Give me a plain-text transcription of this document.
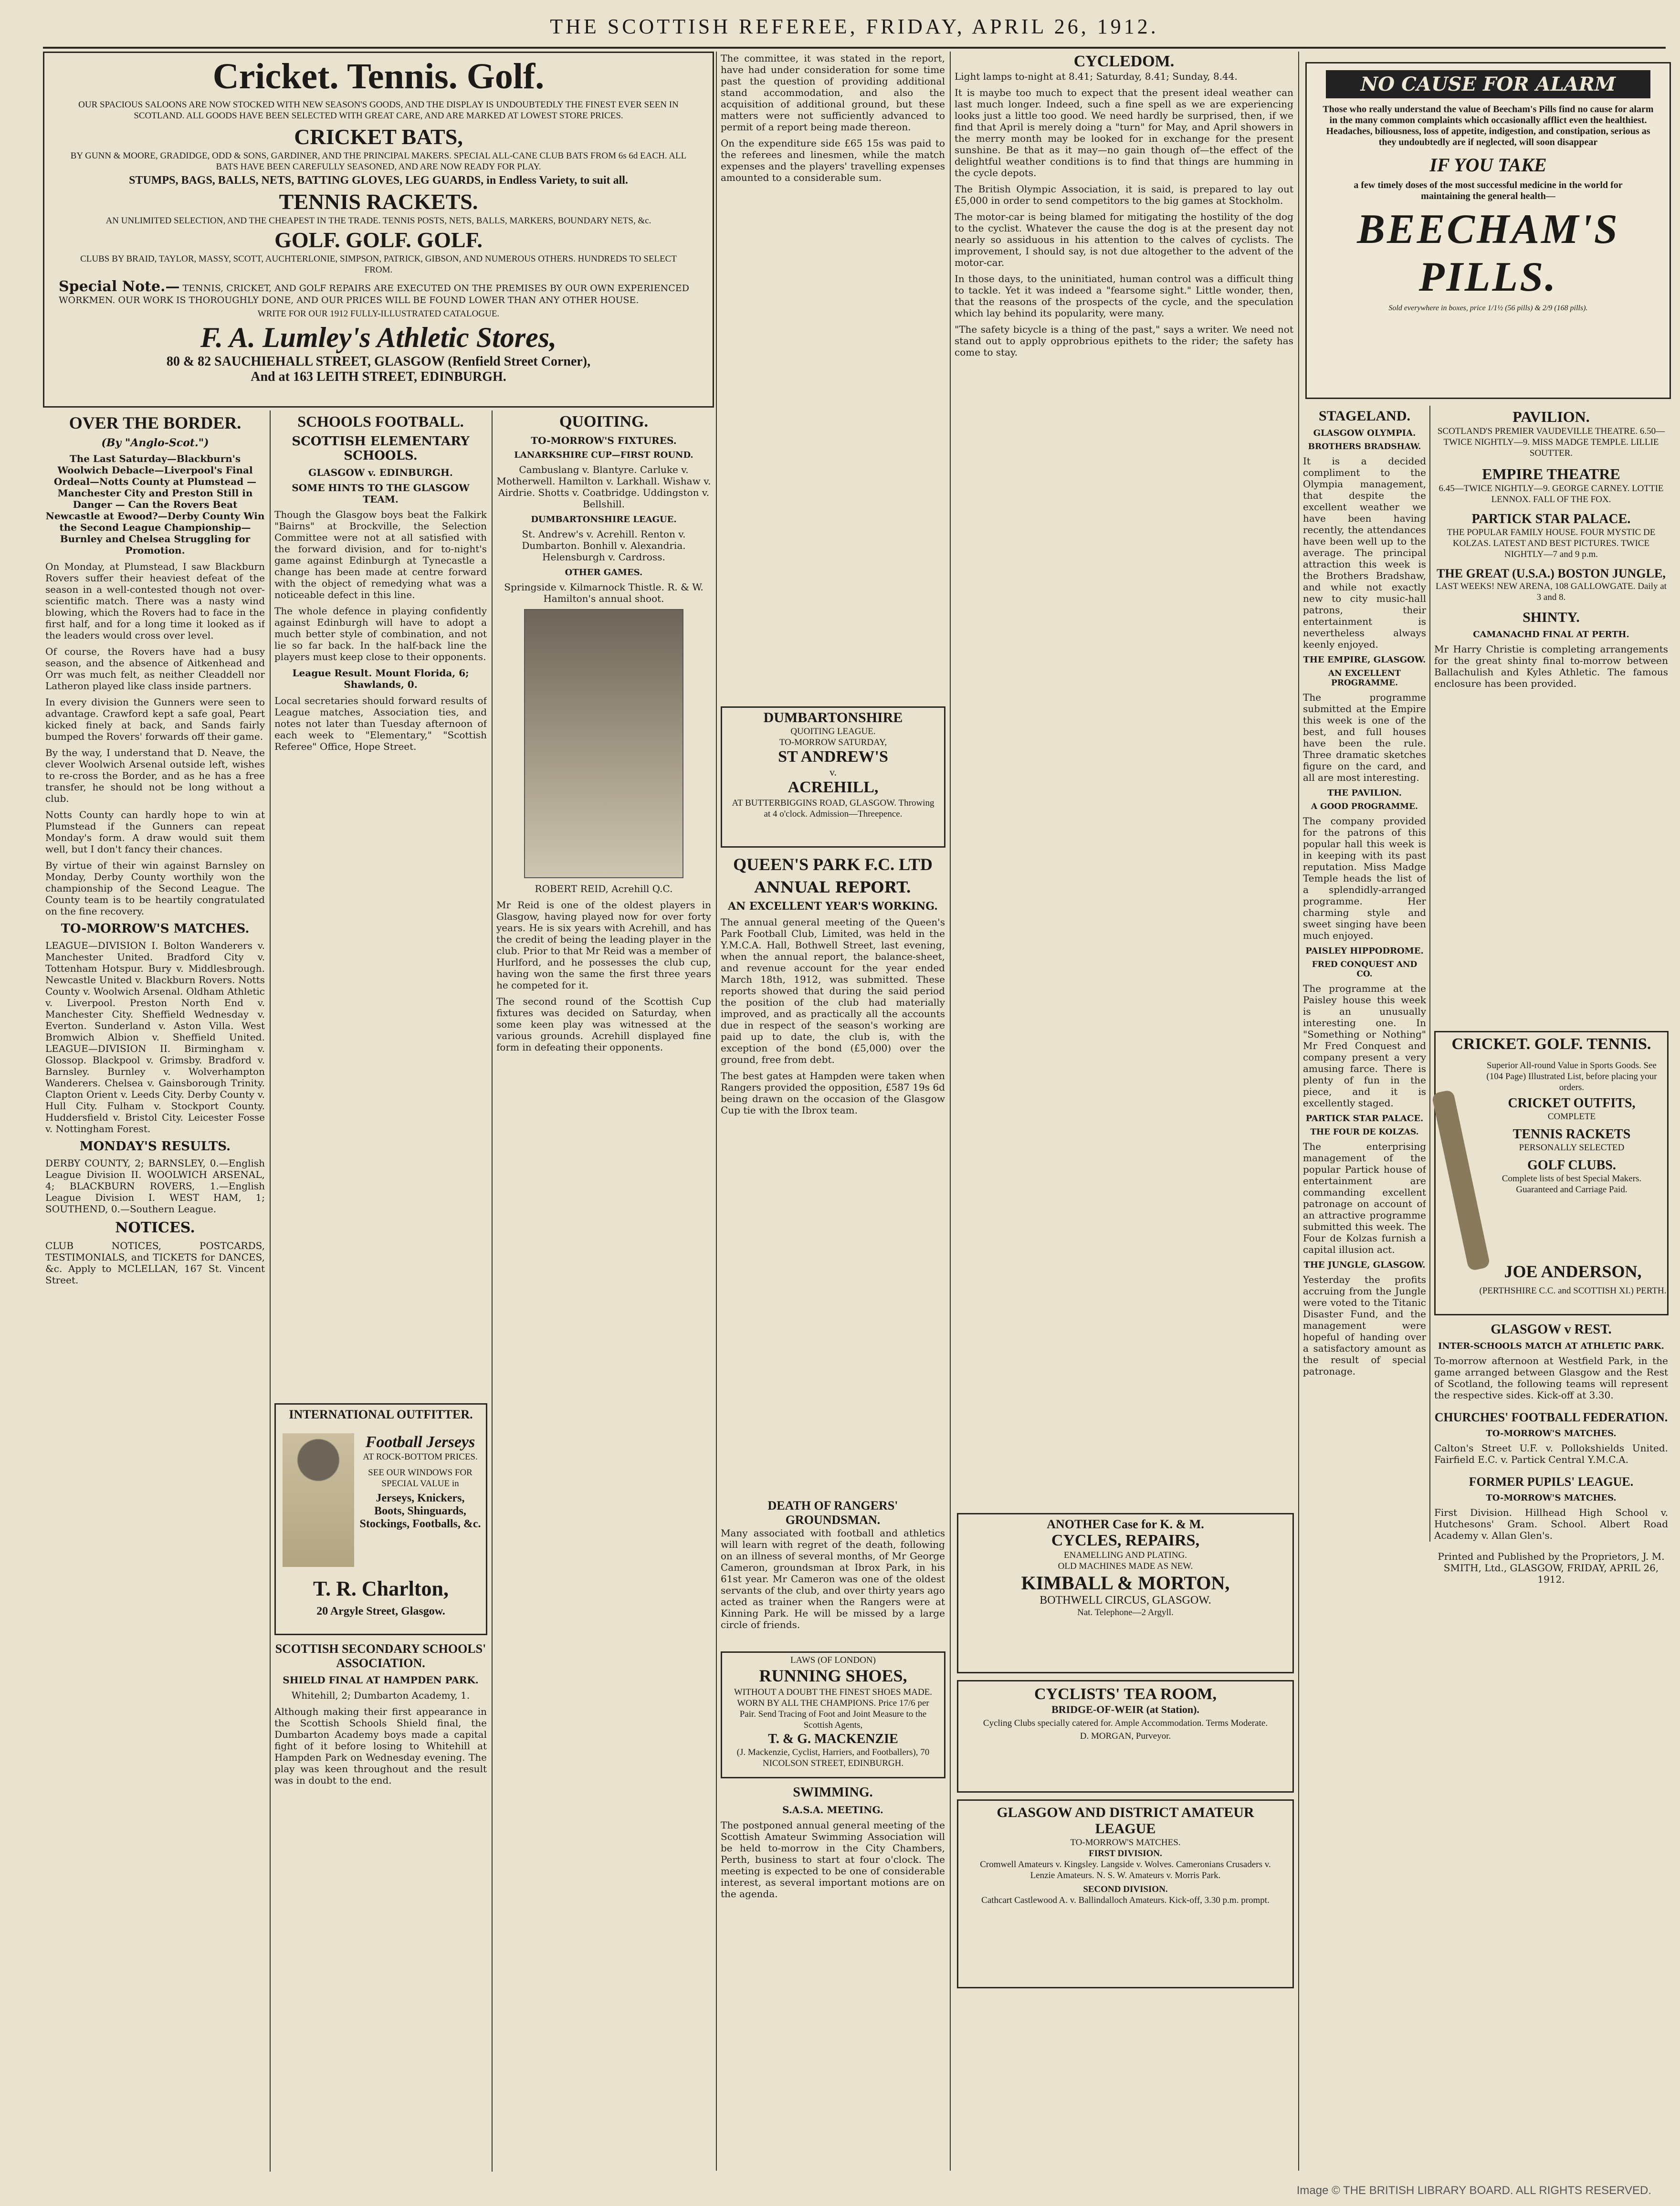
THE SCOTTISH REFEREE, FRIDAY, APRIL 26, 1912.
Cricket. Tennis. Golf.
OUR SPACIOUS SALOONS ARE NOW STOCKED WITH NEW SEASON'S GOODS, AND THE DISPLAY IS UNDOUBTEDLY THE FINEST EVER SEEN IN SCOTLAND. ALL GOODS HAVE BEEN SELECTED WITH GREAT CARE, AND ARE MARKED AT LOWEST STORE PRICES.
CRICKET BATS,
BY GUNN & MOORE, GRADIDGE, ODD & SONS, GARDINER, AND THE PRINCIPAL MAKERS. SPECIAL ALL-CANE CLUB BATS FROM 6s 6d EACH. ALL BATS HAVE BEEN CAREFULLY SEASONED, AND ARE NOW READY FOR PLAY.
STUMPS, BAGS, BALLS, NETS, BATTING GLOVES, LEG GUARDS, in Endless Variety, to suit all.
TENNIS RACKETS.
AN UNLIMITED SELECTION, AND THE CHEAPEST IN THE TRADE. TENNIS POSTS, NETS, BALLS, MARKERS, BOUNDARY NETS, &c.
GOLF. GOLF. GOLF.
CLUBS BY BRAID, TAYLOR, MASSY, SCOTT, AUCHTERLONIE, SIMPSON, PATRICK, GIBSON, AND NUMEROUS OTHERS. HUNDREDS TO SELECT FROM.
Special Note.— TENNIS, CRICKET, AND GOLF REPAIRS ARE EXECUTED ON THE PREMISES BY OUR OWN EXPERIENCED WORKMEN. OUR WORK IS THOROUGHLY DONE, AND OUR PRICES WILL BE FOUND LOWER THAN ANY OTHER HOUSE.
WRITE FOR OUR 1912 FULLY-ILLUSTRATED CATALOGUE.
F. A. Lumley's Athletic Stores,
80 & 82 SAUCHIEHALL STREET, GLASGOW (Renfield Street Corner),
And at 163 LEITH STREET, EDINBURGH.
OVER THE BORDER.
(By "Anglo-Scot.")

The Last Saturday—Blackburn's Woolwich Debacle—Liverpool's Final Ordeal—Notts County at Plumstead —Manchester City and Preston Still in Danger — Can the Rovers Beat Newcastle at Ewood?—Derby County Win the Second League Championship—Burnley and Chelsea Struggling for Promotion.

On Monday, at Plumstead, I saw Blackburn Rovers suffer their heaviest defeat of the season in a well-contested though not over-scientific match. There was a nasty wind blowing, which the Rovers had to face in the first half, and for a long time it looked as if the leaders would cross over level.

Of course, the Rovers have had a busy season, and the absence of Aitkenhead and Orr was much felt, as neither Cleaddell nor Latheron played like class inside partners.

In every division the Gunners were seen to advantage. Crawford kept a safe goal, Peart kicked finely at back, and Sands fairly bumped the Rovers' forwards off their game.

By the way, I understand that D. Neave, the clever Woolwich Arsenal outside left, wishes to re-cross the Border, and as he has a free transfer, he should not be long without a club.

Notts County can hardly hope to win at Plumstead if the Gunners can repeat Monday's form. A draw would suit them well, but I don't fancy their chances.

By virtue of their win against Barnsley on Monday, Derby County worthily won the championship of the Second League. The County team is to be heartily congratulated on the fine recovery.

TO-MORROW'S MATCHES.

LEAGUE—DIVISION I. Bolton Wanderers v. Manchester United. Bradford City v. Tottenham Hotspur. Bury v. Middlesbrough. Newcastle United v. Blackburn Rovers. Notts County v. Woolwich Arsenal. Oldham Athletic v. Liverpool. Preston North End v. Manchester City. Sheffield Wednesday v. Everton. Sunderland v. Aston Villa. West Bromwich Albion v. Sheffield United. LEAGUE—DIVISION II. Birmingham v. Glossop. Blackpool v. Grimsby. Bradford v. Barnsley. Burnley v. Wolverhampton Wanderers. Chelsea v. Gainsborough Trinity. Clapton Orient v. Leeds City. Derby County v. Hull City. Fulham v. Stockport County. Huddersfield v. Bristol City. Leicester Fosse v. Nottingham Forest.

MONDAY'S RESULTS.

DERBY COUNTY, 2; BARNSLEY, 0.—English League Division II. WOOLWICH ARSENAL, 4; BLACKBURN ROVERS, 1.—English League Division I. WEST HAM, 1; SOUTHEND, 0.—Southern League.

NOTICES.

CLUB NOTICES, POSTCARDS, TESTIMONIALS, and TICKETS for DANCES, &c. Apply to MCLELLAN, 167 St. Vincent Street.

SCHOOLS FOOTBALL.
SCOTTISH ELEMENTARY SCHOOLS.
GLASGOW v. EDINBURGH.
SOME HINTS TO THE GLASGOW TEAM.

Though the Glasgow boys beat the Falkirk "Bairns" at Brockville, the Selection Committee were not at all satisfied with the forward division, and for to-night's game against Edinburgh at Tynecastle a change has been made at centre forward with the object of remedying what was a noticeable defect in this line.

The whole defence in playing confidently against Edinburgh will have to adopt a much better style of combination, and not lie so far back. In the half-back line the players must keep close to their opponents.

League Result. Mount Florida, 6; Shawlands, 0.

Local secretaries should forward results of League matches, Association ties, and notes not later than Tuesday afternoon of each week to "Elementary," "Scottish Referee" Office, Hope Street.

INTERNATIONAL OUTFITTER.
Football Jerseys
AT ROCK-BOTTOM PRICES.
SEE OUR WINDOWS FOR SPECIAL VALUE in
Jerseys, Knickers, Boots, Shinguards, Stockings, Footballs, &c.
T. R. Charlton,
20 Argyle Street, Glasgow.
SCOTTISH SECONDARY SCHOOLS' ASSOCIATION.
SHIELD FINAL AT HAMPDEN PARK.

Whitehill, 2; Dumbarton Academy, 1.

Although making their first appearance in the Scottish Schools Shield final, the Dumbarton Academy boys made a capital fight of it before losing to Whitehill at Hampden Park on Wednesday evening. The play was keen throughout and the result was in doubt to the end.

QUOITING.
TO-MORROW'S FIXTURES.
LANARKSHIRE CUP—FIRST ROUND.

Cambuslang v. Blantyre. Carluke v. Motherwell. Hamilton v. Larkhall. Wishaw v. Airdrie. Shotts v. Coatbridge. Uddingston v. Bellshill.

DUMBARTONSHIRE LEAGUE.

St. Andrew's v. Acrehill. Renton v. Dumbarton. Bonhill v. Alexandria. Helensburgh v. Cardross.

OTHER GAMES.

Springside v. Kilmarnock Thistle. R. & W. Hamilton's annual shoot.

ROBERT REID, Acrehill Q.C.

Mr Reid is one of the oldest players in Glasgow, having played now for over forty years. He is six years with Acrehill, and has the credit of being the leading player in the club. Prior to that Mr Reid was a member of Hurlford, and he possesses the club cup, having won the same the first three years he competed for it.

The second round of the Scottish Cup fixtures was decided on Saturday, when some keen play was witnessed at the various grounds. Acrehill displayed fine form in defeating their opponents.

The committee, it was stated in the report, have had under consideration for some time past the question of providing additional stand accommodation, and also the acquisition of additional ground, but these matters were not sufficiently advanced to permit of a report being made thereon.

On the expenditure side £65 15s was paid to the referees and linesmen, while the match expenses and the players' travelling expenses amounted to a considerable sum.

DUMBARTONSHIRE
QUOITING LEAGUE.
TO-MORROW SATURDAY,
ST ANDREW'S
v.
ACREHILL,
AT BUTTERBIGGINS ROAD, GLASGOW. Throwing at 4 o'clock. Admission—Threepence.
QUEEN'S PARK F.C. LTD
ANNUAL REPORT.
AN EXCELLENT YEAR'S WORKING.

The annual general meeting of the Queen's Park Football Club, Limited, was held in the Y.M.C.A. Hall, Bothwell Street, last evening, when the annual report, the balance-sheet, and revenue account for the year ended March 18th, 1912, was submitted. These reports showed that during the said period the position of the club had materially improved, and as practically all the accounts due in respect of the season's working are paid up to date, the club is, with the exception of the bond (£5,000) over the ground, free from debt.

The best gates at Hampden were taken when Rangers provided the opposition, £587 19s 6d being drawn on the occasion of the Glasgow Cup tie with the Ibrox team.

DEATH OF RANGERS' GROUNDSMAN.

Many associated with football and athletics will learn with regret of the death, following on an illness of several months, of Mr George Cameron, groundsman at Ibrox Park, in his 61st year. Mr Cameron was one of the oldest servants of the club, and over thirty years ago acted as trainer when the Rangers were at Kinning Park. He will be missed by a large circle of friends.

LAWS (OF LONDON)
RUNNING SHOES,
WITHOUT A DOUBT THE FINEST SHOES MADE. WORN BY ALL THE CHAMPIONS. Price 17/6 per Pair. Send Tracing of Foot and Joint Measure to the Scottish Agents,
T. & G. MACKENZIE
(J. Mackenzie, Cyclist, Harriers, and Footballers), 70 NICOLSON STREET, EDINBURGH.
SWIMMING.
S.A.S.A. MEETING.

The postponed annual general meeting of the Scottish Amateur Swimming Association will be held to-morrow in the City Chambers, Perth, business to start at four o'clock. The meeting is expected to be one of considerable interest, as several important motions are on the agenda.

CYCLEDOM.

Light lamps to-night at 8.41; Saturday, 8.41; Sunday, 8.44.

It is maybe too much to expect that the present ideal weather can last much longer. Indeed, such a fine spell as we are experiencing looks just a little too good. We need hardly be surprised, then, if we find that April is merely doing a "turn" for May, and April showers in the merry month may be looked for in exchange for the present sunshine. Be that as it may—no gain though of—the effect of the delightful weather conditions is to find that things are humming in the cycle depots.

The British Olympic Association, it is said, is prepared to lay out £5,000 in order to send competitors to the big games at Stockholm.

The motor-car is being blamed for mitigating the hostility of the dog to the cyclist. Whatever the cause the dog is at the present day not nearly so assiduous in his attention to the calves of cyclists. The improvement, I should say, is not due altogether to the advent of the motor-car.

In those days, to the uninitiated, human control was a difficult thing to tackle. Yet it was indeed a "fearsome sight." Little wonder, then, that the reasons of the prospects of the cycle, and the speculation which lay behind its popularity, were many.

"The safety bicycle is a thing of the past," says a writer. We need not stand out to apply opprobrious epithets to the rider; the safety has come to stay.

ANOTHER Case for K. & M.
CYCLES, REPAIRS,
ENAMELLING AND PLATING.
OLD MACHINES MADE AS NEW.
KIMBALL & MORTON,
BOTHWELL CIRCUS, GLASGOW.
Nat. Telephone—2 Argyll.
CYCLISTS' TEA ROOM,
BRIDGE-OF-WEIR (at Station).
Cycling Clubs specially catered for. Ample Accommodation. Terms Moderate.
D. MORGAN, Purveyor.
GLASGOW AND DISTRICT AMATEUR LEAGUE
TO-MORROW'S MATCHES.
FIRST DIVISION.
Cromwell Amateurs v. Kingsley. Langside v. Wolves. Cameronians Crusaders v. Lenzie Amateurs. N. S. W. Amateurs v. Morris Park.
SECOND DIVISION.
Cathcart Castlewood A. v. Ballindalloch Amateurs. Kick-off, 3.30 p.m. prompt.
NO CAUSE FOR ALARM
Those who really understand the value of Beecham's Pills find no cause for alarm in the many common complaints which occasionally afflict even the healthiest. Headaches, biliousness, loss of appetite, indigestion, and constipation, serious as they undoubtedly are if neglected, will soon disappear
IF YOU TAKE
a few timely doses of the most successful medicine in the world for maintaining the general health—
BEECHAM'S PILLS.
Sold everywhere in boxes, price 1/1½ (56 pills) & 2/9 (168 pills).
STAGELAND.
GLASGOW OLYMPIA.
BROTHERS BRADSHAW.

It is a decided compliment to the Olympia management, that despite the excellent weather we have been having recently, the attendances have been well up to the average. The principal attraction this week is the Brothers Bradshaw, and while not exactly new to city music-hall patrons, their entertainment is nevertheless always keenly enjoyed.

THE EMPIRE, GLASGOW.
AN EXCELLENT PROGRAMME.

The programme submitted at the Empire this week is one of the best, and full houses have been the rule. Three dramatic sketches figure on the card, and all are most interesting.

THE PAVILION.
A GOOD PROGRAMME.

The company provided for the patrons of this popular hall this week is in keeping with its past reputation. Miss Madge Temple heads the list of a splendidly-arranged programme. Her charming style and sweet singing have been much enjoyed.

PAISLEY HIPPODROME.
FRED CONQUEST AND CO.

The programme at the Paisley house this week is an unusually interesting one. In "Something or Nothing" Mr Fred Conquest and company present a very amusing farce. There is plenty of fun in the piece, and it is excellently staged.

PARTICK STAR PALACE.
THE FOUR DE KOLZAS.

The enterprising management of the popular Partick house of entertainment are commanding excellent patronage on account of an attractive programme submitted this week. The Four de Kolzas furnish a capital illusion act.

THE JUNGLE, GLASGOW.

Yesterday the profits accruing from the Jungle were voted to the Titanic Disaster Fund, and the management were hopeful of handing over a satisfactory amount as the result of special patronage.

PAVILION.
SCOTLAND'S PREMIER VAUDEVILLE THEATRE. 6.50—TWICE NIGHTLY—9. MISS MADGE TEMPLE. LILLIE SOUTTER.
EMPIRE THEATRE
6.45—TWICE NIGHTLY—9. GEORGE CARNEY. LOTTIE LENNOX. FALL OF THE FOX.
PARTICK STAR PALACE.
THE POPULAR FAMILY HOUSE. FOUR MYSTIC DE KOLZAS. LATEST AND BEST PICTURES. TWICE NIGHTLY—7 and 9 p.m.
THE GREAT (U.S.A.) BOSTON JUNGLE,
LAST WEEKS! NEW ARENA, 108 GALLOWGATE. Daily at 3 and 8.
SHINTY.
CAMANACHD FINAL AT PERTH.

Mr Harry Christie is completing arrangements for the great shinty final to-morrow between Ballachulish and Kyles Athletic. The famous enclosure has been provided.

CRICKET. GOLF. TENNIS.
Superior All-round Value in Sports Goods. See (104 Page) Illustrated List, before placing your orders.
CRICKET OUTFITS,
COMPLETE
TENNIS RACKETS
PERSONALLY SELECTED
GOLF CLUBS.
Complete lists of best Special Makers. Guaranteed and Carriage Paid.
JOE ANDERSON,
(PERTHSHIRE C.C. and SCOTTISH XI.) PERTH.
GLASGOW v REST.
INTER-SCHOOLS MATCH AT ATHLETIC PARK.

To-morrow afternoon at Westfield Park, in the game arranged between Glasgow and the Rest of Scotland, the following teams will represent the respective sides. Kick-off at 3.30.

CHURCHES' FOOTBALL FEDERATION.
TO-MORROW'S MATCHES.

Calton's Street U.F. v. Pollokshields United. Fairfield E.C. v. Partick Central Y.M.C.A.

FORMER PUPILS' LEAGUE.
TO-MORROW'S MATCHES.

First Division. Hillhead High School v. Hutchesons' Gram. School. Albert Road Academy v. Allan Glen's.

Printed and Published by the Proprietors, J. M. SMITH, Ltd., GLASGOW, FRIDAY, APRIL 26, 1912.

Image © THE BRITISH LIBRARY BOARD. ALL RIGHTS RESERVED.
